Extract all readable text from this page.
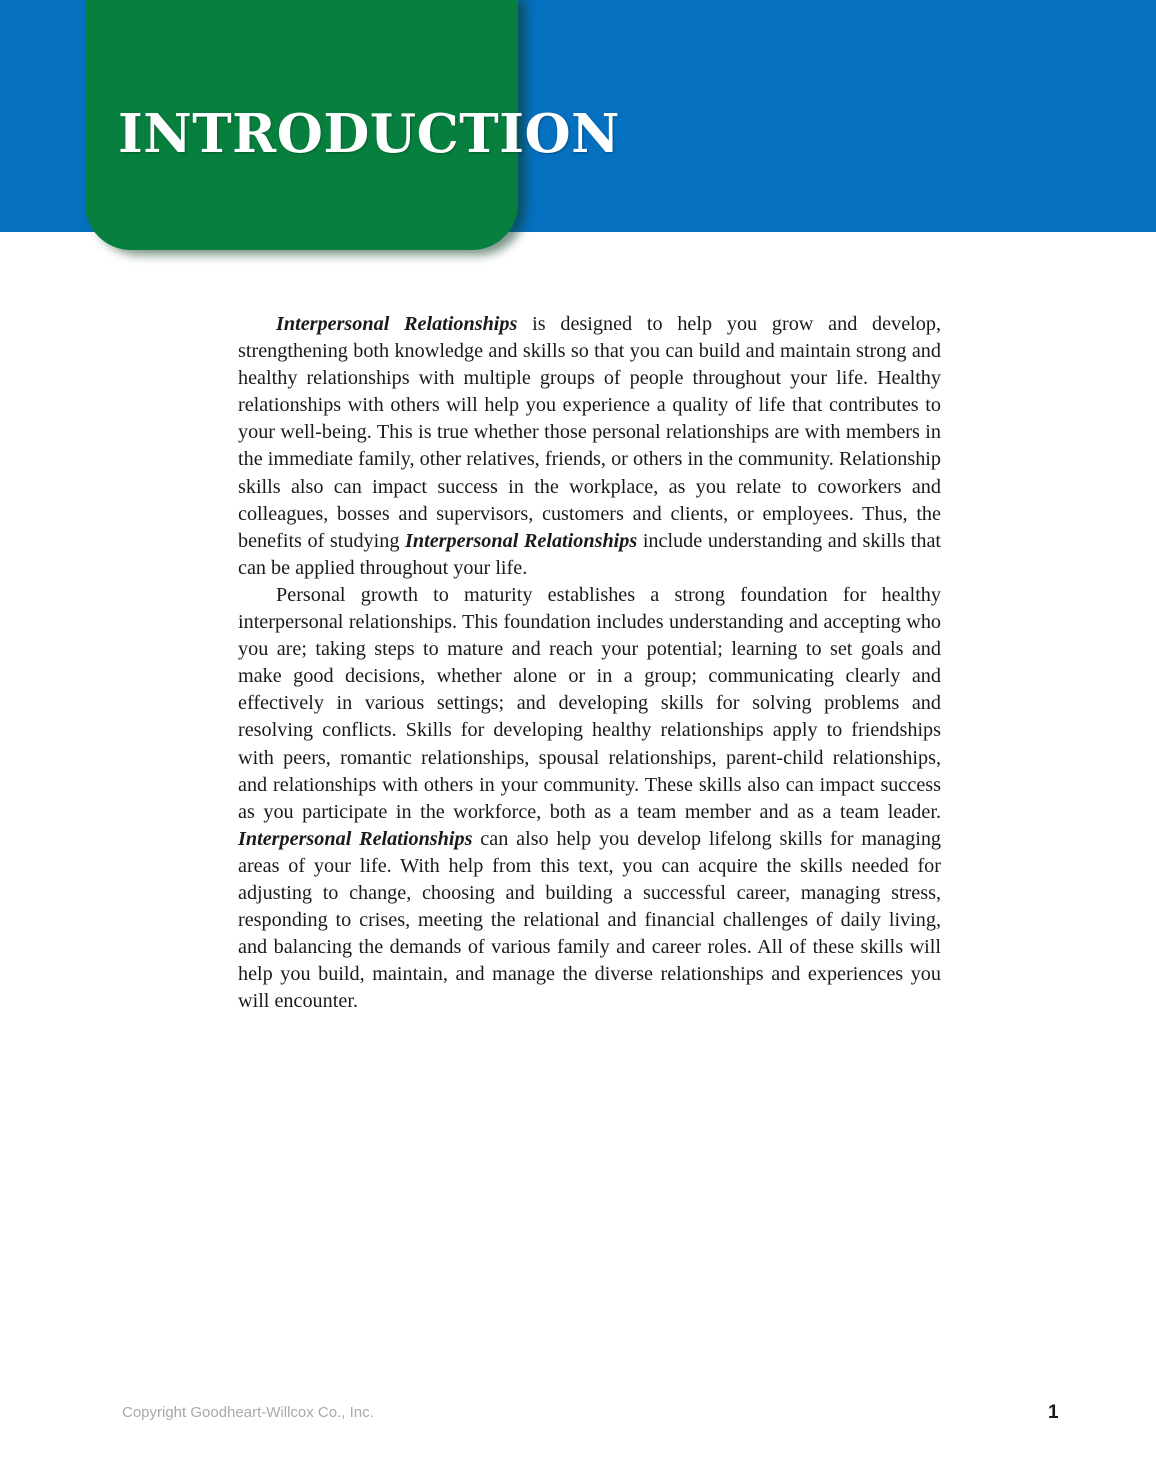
INTRODUCTION

Interpersonal Relationships is designed to help you grow and develop, strengthening both knowledge and skills so that you can build and maintain strong and healthy relationships with multiple groups of people throughout your life. Healthy relationships with others will help you experience a quality of life that contributes to your well-being. This is true whether those personal relationships are with members in the immediate family, other relatives, friends, or others in the community. Relationship skills also can impact success in the workplace, as you relate to coworkers and colleagues, bosses and supervisors, customers and clients, or employees. Thus, the benefits of studying Interpersonal Relationships include understanding and skills that can be applied throughout your life.

Personal growth to maturity establishes a strong foundation for healthy interpersonal relationships. This foundation includes understanding and accepting who you are; taking steps to mature and reach your potential; learning to set goals and make good decisions, whether alone or in a group; communicating clearly and effectively in various settings; and developing skills for solving problems and resolving conflicts. Skills for developing healthy relationships apply to friendships with peers, romantic relationships, spousal relationships, parent-child relationships, and relationships with others in your community. These skills also can impact success as you participate in the workforce, both as a team member and as a team leader. Interpersonal Relationships can also help you develop lifelong skills for managing areas of your life. With help from this text, you can acquire the skills needed for adjusting to change, choosing and building a successful career, managing stress, responding to crises, meeting the relational and financial challenges of daily living, and balancing the demands of various family and career roles. All of these skills will help you build, maintain, and manage the diverse relationships and experiences you will encounter.

Copyright Goodheart-Willcox Co., Inc.	1
